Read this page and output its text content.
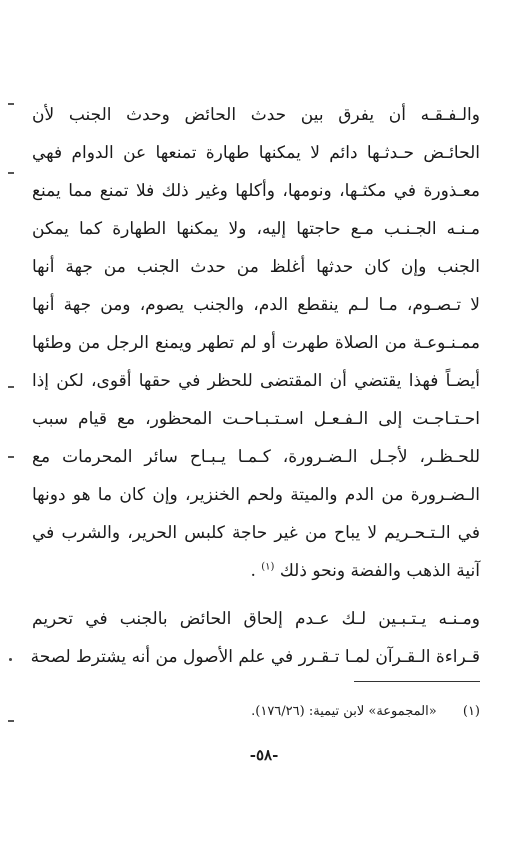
والـفـقـه أن يفرق بين حدث الحائض وحدث الجنب لأن
الحائـض حـدثـها دائم لا يمكنها طهارة تمنعها عن الدوام فهي
معـذورة في مكثـها، ونومها، وأكلها وغير ذلك فلا تمنع مما يمنع
مـنـه الجـنـب مـع حاجتها إليه، ولا يمكنها الطهارة كما يمكن
الجنب وإن كان حدثها أغلظ من حدث الجنب من جهة أنها
لا تـصـوم، مـا لـم ينقطع الدم، والجنب يصوم، ومن جهة أنها
ممـنـوعـة من الصلاة طهرت أو لم تطهر ويمنع الرجل من وطئها
أيضـاً فهذا يقتضي أن المقتضى للحظر في حقها أقوى، لكن إذا
احـتـاجـت إلى الـفـعـل اسـتـبـاحـت المحظور، مع قيام سبب
للحـظـر، لأجـل الـضـرورة، كـمـا يـبـاح سائر المحرمات مع
الـضـرورة من الدم والميتة ولحم الخنزير، وإن كان ما هو دونها
في الـتـحـريم لا يباح من غير حاجة كلبس الحرير، والشرب في
آنية الذهب والفضة ونحو ذلك $^{(١)}$ .
ومـنـه يـتـبـين لـك عـدم إلحاق الحائض بالجنب في تحريم
قـراءة الـقـرآن لمـا تـقـرر في علم الأصول من أنه يشترط لصحة
(١) «المجموعة» لابن تيمية: (١٧٦/٢٦).
-٥٨-
